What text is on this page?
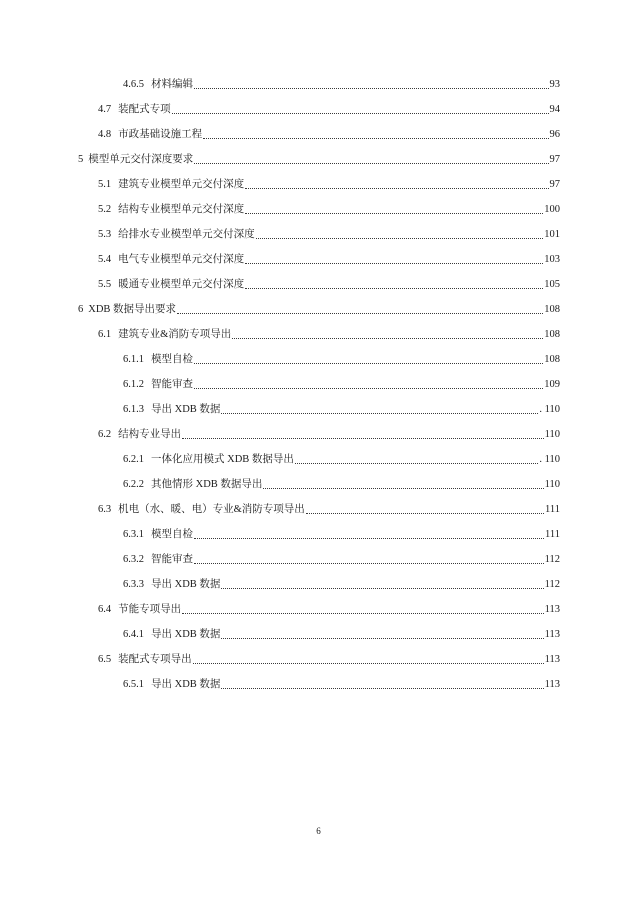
4.6.5 材料编辑	93
4.7 装配式专项	94
4.8 市政基础设施工程	96
5 模型单元交付深度要求	97
5.1 建筑专业模型单元交付深度	97
5.2 结构专业模型单元交付深度	100
5.3 给排水专业模型单元交付深度	101
5.4 电气专业模型单元交付深度	103
5.5 暖通专业模型单元交付深度	105
6 XDB 数据导出要求	108
6.1 建筑专业&消防专项导出	108
6.1.1 模型自检	108
6.1.2 智能审查	109
6.1.3 导出 XDB 数据	. 110
6.2 结构专业导出	110
6.2.1 一体化应用模式 XDB 数据导出	. 110
6.2.2 其他情形 XDB 数据导出	110
6.3 机电（水、暖、电）专业&消防专项导出	111
6.3.1 模型自检	111
6.3.2 智能审查	112
6.3.3 导出 XDB 数据	112
6.4 节能专项导出	113
6.4.1 导出 XDB 数据	113
6.5 装配式专项导出	113
6.5.1 导出 XDB 数据	113
6
